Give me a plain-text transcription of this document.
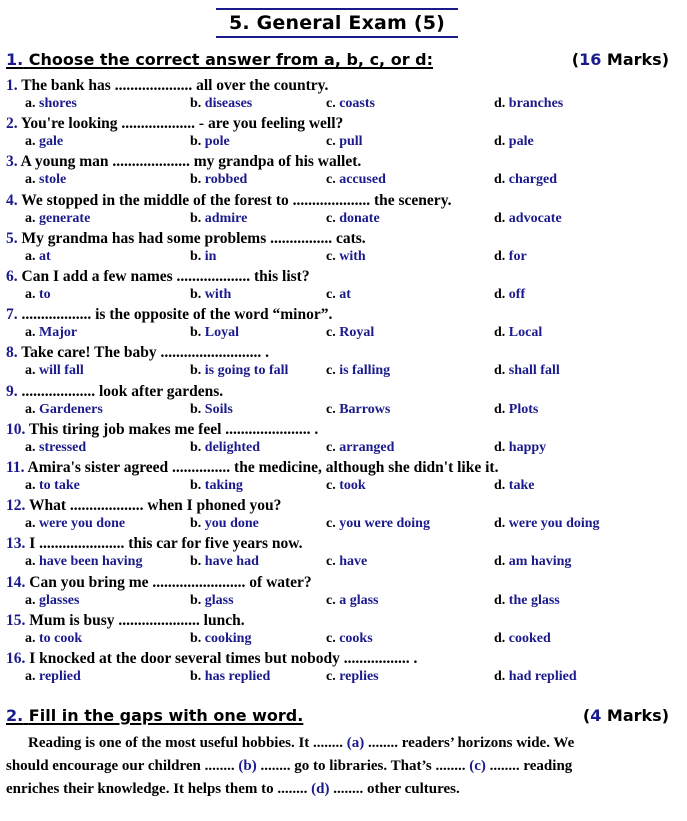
5. General Exam (5)
1. Choose the correct answer from a, b, c, or d:	(16 Marks)
1. The bank has .................... all over the country.
a. shores	b. diseases	c. coasts	d. branches
2. You're looking ................... - are you feeling well?
a. gale	b. pole	c. pull	d. pale
3. A young man .................... my grandpa of his wallet.
a. stole	b. robbed	c. accused	d. charged
4. We stopped in the middle of the forest to .................... the scenery.
a. generate	b. admire	c. donate	d. advocate
5. My grandma has had some problems ................ cats.
a. at	b. in	c. with	d. for
6. Can I add a few names ................... this list?
a. to	b. with	c. at	d. off
7. .................. is the opposite of the word “minor”.
a. Major	b. Loyal	c. Royal	d. Local
8. Take care! The baby .......................... .
a. will fall	b. is going to fall	c. is falling	d. shall fall
9. ................... look after gardens.
a. Gardeners	b. Soils	c. Barrows	d. Plots
10. This tiring job makes me feel ...................... .
a. stressed	b. delighted	c. arranged	d. happy
11. Amira's sister agreed ............... the medicine, although she didn't like it.
a. to take	b. taking	c. took	d. take
12. What ................... when I phoned you?
a. were you done	b. you done	c. you were doing	d. were you doing
13. I ...................... this car for five years now.
a. have been having	b. have had	c. have	d. am having
14. Can you bring me ........................ of water?
a. glasses	b. glass	c. a glass	d. the glass
15. Mum is busy ..................... lunch.
a. to cook	b. cooking	c. cooks	d. cooked
16. I knocked at the door several times but nobody ................. .
a. replied	b. has replied	c. replies	d. had replied
2. Fill in the gaps with one word.	(4 Marks)
Reading is one of the most useful hobbies. It ........ (a) ........ readers’ horizons wide. We
should encourage our children ........ (b) ........ go to libraries. That’s ........ (c) ........ reading
enriches their knowledge. It helps them to ........ (d) ........ other cultures.
